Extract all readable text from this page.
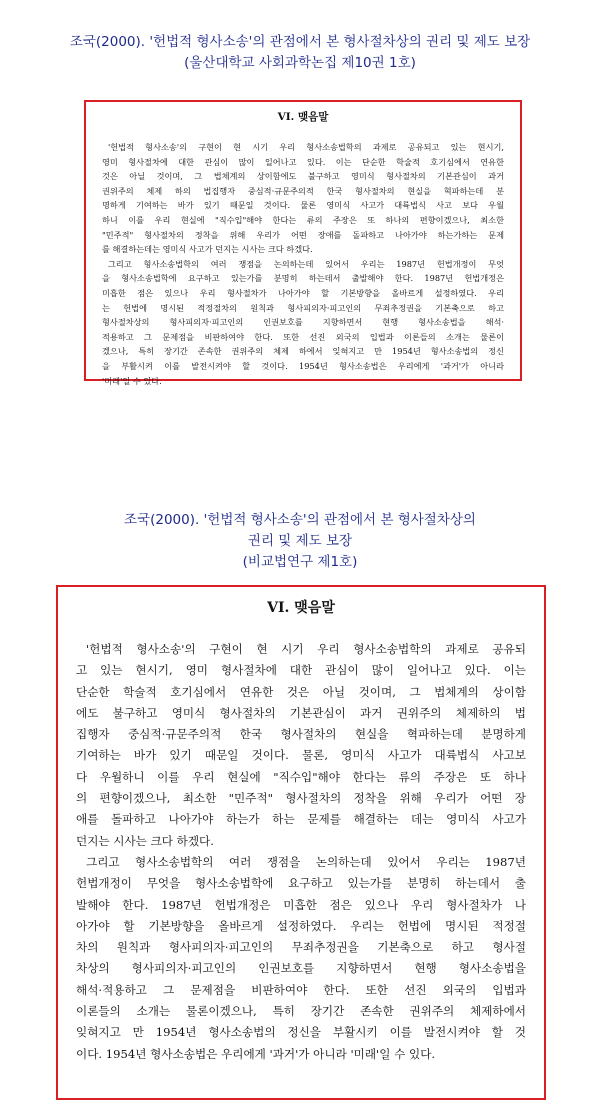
조국(2000). '헌법적 형사소송'의 관점에서 본 형사절차상의 권리 및 제도 보장
(울산대학교 사회과학논집 제10권 1호)

VI. 맺음말

'헌법적 형사소송'의 구현이 현 시기 우리 형사소송법학의 과제로 공유되고 있는 현시기,
영미 형사절차에 대한 관심이 많이 일어나고 있다. 이는 단순한 학술적 호기심에서 연유한
것은 아닐 것이며, 그 법체계의 상이함에도 불구하고 영미식 형사절차의 기본관심이 과거
권위주의 체제 하의 법집행자 중심적·규문주의적 한국 형사절차의 현실을 혁파하는데 분
명하게 기여하는 바가 있기 때문일 것이다. 물론 영미식 사고가 대륙법식 사고 보다 우월
하니 이를 우리 현실에 "직수입"해야 한다는 류의 주장은 또 하나의 편향이겠으나, 최소한
"민주적" 형사절차의 정착을 위해 우리가 어떤 장애를 돌파하고 나아가야 하는가하는 문제
를 해결하는데는 영미식 사고가 던지는 시사는 크다 하겠다.
그리고 형사소송법학의 여러 쟁점을 논의하는데 있어서 우리는 1987년 헌법개정이 무엇
을 형사소송법학에 요구하고 있는가를 분명히 하는데서 출발해야 한다. 1987년 헌법개정은
미흡한 점은 있으나 우리 형사절차가 나아가야 할 기본방향을 올바르게 설정하였다. 우리
는 헌법에 명시된 적정절차의 원칙과 형사피의자·피고인의 무죄추정권을 기본축으로 하고
형사절차상의 형사피의자·피고인의 인권보호를 지향하면서 현행 형사소송법을 해석·
적용하고 그 문제점을 비판하여야 한다. 또한 선진 외국의 입법과 이론들의 소개는 물론이
겠으나, 특히 장기간 존속한 권위주의 체제 하에서 잊혀지고 만 1954년 형사소송법의 정신
을 부활시켜 이를 발전시켜야 할 것이다. 1954년 형사소송법은 우리에게 '과거'가 아니라
'미래'일 수 있다.
조국(2000). '헌법적 형사소송'의 관점에서 본 형사절차상의
권리 및 제도 보장
(비교법연구 제1호)

VI. 맺음말

'헌법적 형사소송'의 구현이 현 시기 우리 형사소송법학의 과제로 공유되
고 있는 현시기, 영미 형사절차에 대한 관심이 많이 일어나고 있다. 이는
단순한 학술적 호기심에서 연유한 것은 아닐 것이며, 그 법체계의 상이함
에도 불구하고 영미식 형사절차의 기본관심이 과거 권위주의 체제하의 법
집행자 중심적·규문주의적 한국 형사절차의 현실을 혁파하는데 분명하게
기여하는 바가 있기 때문일 것이다. 물론, 영미식 사고가 대륙법식 사고보
다 우월하니 이를 우리 현실에 "직수입"해야 한다는 류의 주장은 또 하나
의 편향이겠으나, 최소한 "민주적" 형사절차의 정착을 위해 우리가 어떤 장
애를 돌파하고 나아가야 하는가 하는 문제를 해결하는 데는 영미식 사고가
던지는 시사는 크다 하겠다.
그리고 형사소송법학의 여러 쟁점을 논의하는데 있어서 우리는 1987년
헌법개정이 무엇을 형사소송법학에 요구하고 있는가를 분명히 하는데서 출
발해야 한다. 1987년 헌법개정은 미흡한 점은 있으나 우리 형사절차가 나
아가야 할 기본방향을 올바르게 설정하였다. 우리는 헌법에 명시된 적정절
차의 원칙과 형사피의자·피고인의 무죄추정권을 기본축으로 하고 형사절
차상의 형사피의자·피고인의 인권보호를 지향하면서 현행 형사소송법을
해석·적용하고 그 문제점을 비판하여야 한다. 또한 선진 외국의 입법과
이론들의 소개는 물론이겠으나, 특히 장기간 존속한 권위주의 체제하에서
잊혀지고 만 1954년 형사소송법의 정신을 부활시키 이를 발전시켜야 할 것
이다. 1954년 형사소송법은 우리에게 '과거'가 아니라 '미래'일 수 있다.
